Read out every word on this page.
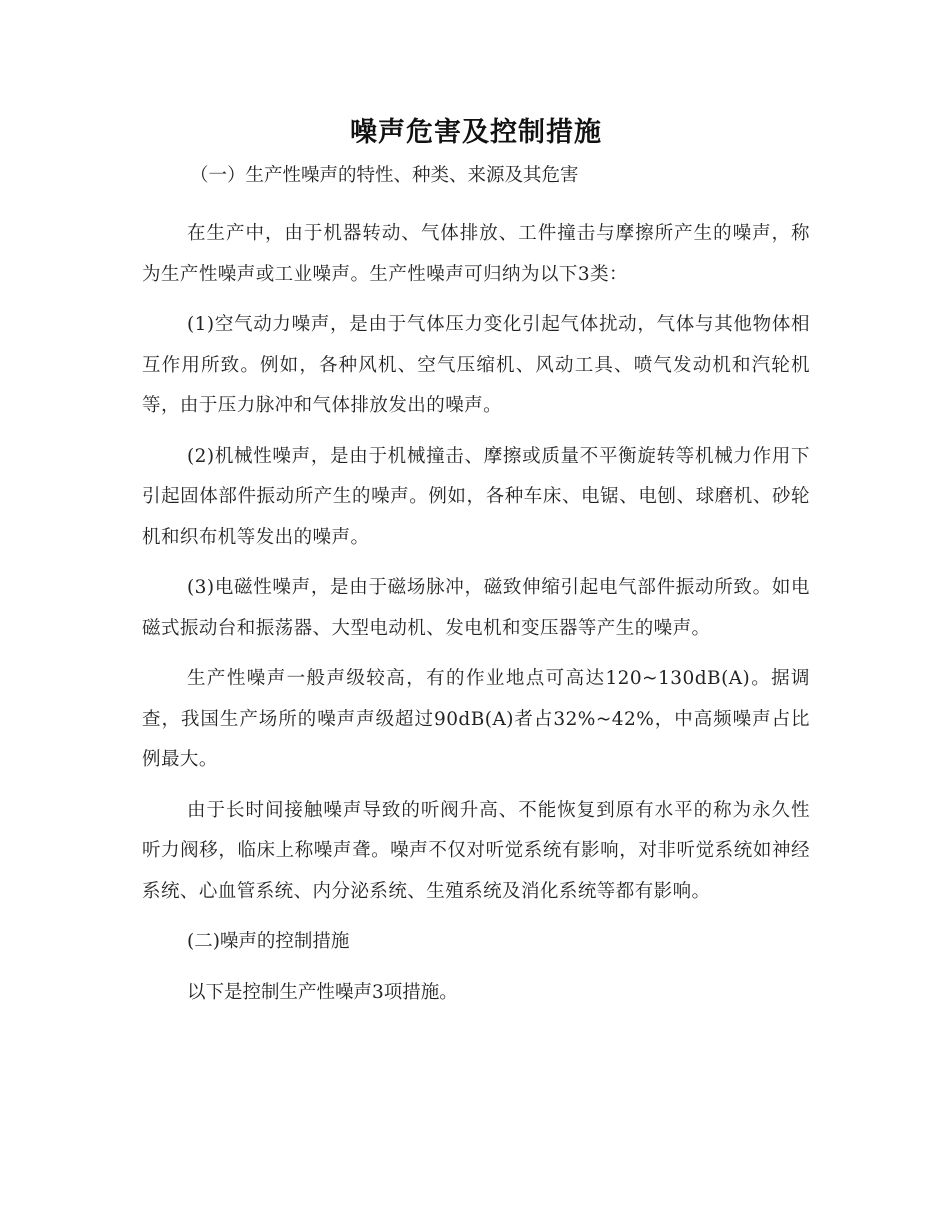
噪声危害及控制措施

（一）生产性噪声的特性、种类、来源及其危害

在生产中，由于机器转动、气体排放、工件撞击与摩擦所产生的噪声，称为生产性噪声或工业噪声。生产性噪声可归纳为以下3类：

(1)空气动力噪声，是由于气体压力变化引起气体扰动，气体与其他物体相互作用所致。例如，各种风机、空气压缩机、风动工具、喷气发动机和汽轮机等，由于压力脉冲和气体排放发出的噪声。

(2)机械性噪声，是由于机械撞击、摩擦或质量不平衡旋转等机械力作用下引起固体部件振动所产生的噪声。例如，各种车床、电锯、电刨、球磨机、砂轮机和织布机等发出的噪声。

(3)电磁性噪声，是由于磁场脉冲，磁致伸缩引起电气部件振动所致。如电磁式振动台和振荡器、大型电动机、发电机和变压器等产生的噪声。

生产性噪声一般声级较高，有的作业地点可高达120~130dB(A)。据调查，我国生产场所的噪声声级超过90dB(A)者占32%~42%，中高频噪声占比例最大。

由于长时间接触噪声导致的听阀升高、不能恢复到原有水平的称为永久性听力阀移，临床上称噪声聋。噪声不仅对听觉系统有影响，对非听觉系统如神经系统、心血管系统、内分泌系统、生殖系统及消化系统等都有影响。

(二)噪声的控制措施

以下是控制生产性噪声3项措施。
